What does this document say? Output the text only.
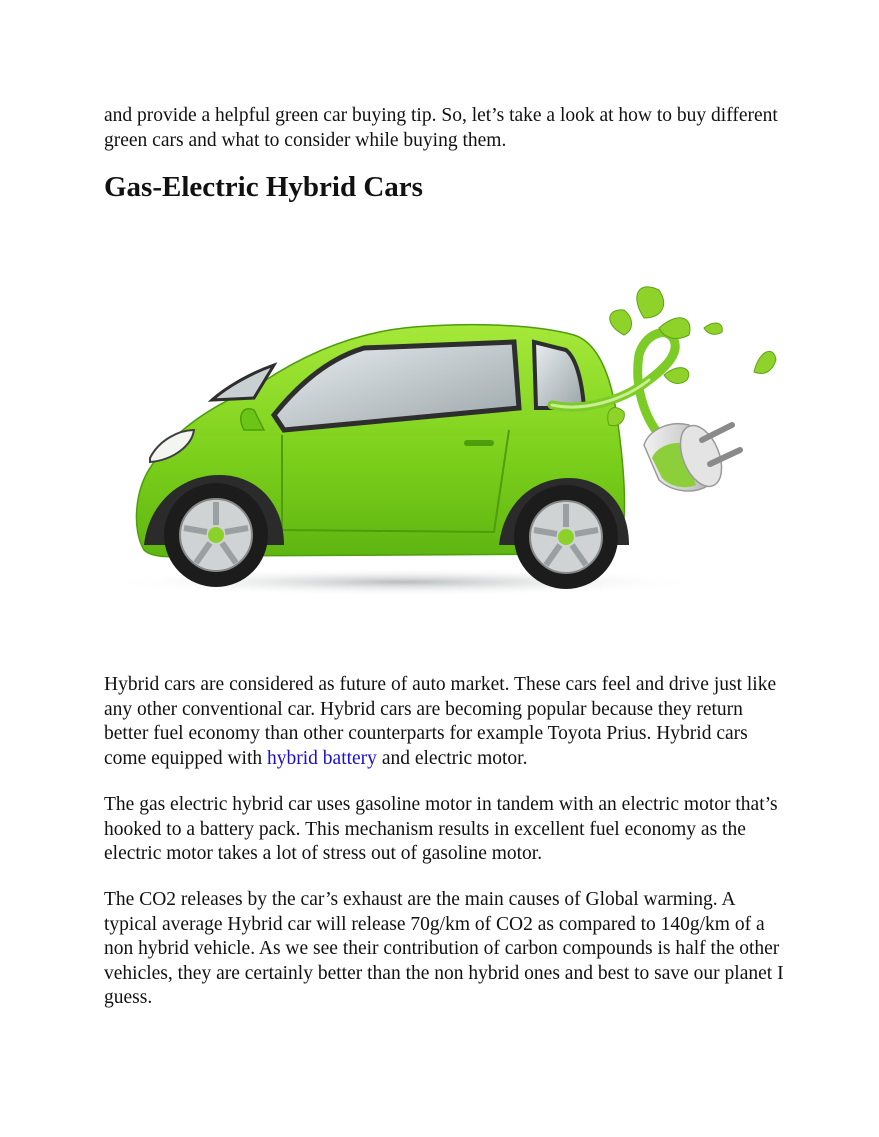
and provide a helpful green car buying tip. So, let’s take a look at how to buy different green cars and what to consider while buying them.

Gas-Electric Hybrid Cars

Hybrid cars are considered as future of auto market. These cars feel and drive just like any other conventional car. Hybrid cars are becoming popular because they return better fuel economy than other counterparts for example Toyota Prius. Hybrid cars come equipped with hybrid battery and electric motor.

The gas electric hybrid car uses gasoline motor in tandem with an electric motor that’s hooked to a battery pack. This mechanism results in excellent fuel economy as the electric motor takes a lot of stress out of gasoline motor.

The CO2 releases by the car’s exhaust are the main causes of Global warming. A typical average Hybrid car will release 70g/km of CO2 as compared to 140g/km of a non hybrid vehicle. As we see their contribution of carbon compounds is half the other vehicles, they are certainly better than the non hybrid ones and best to save our planet I guess.
